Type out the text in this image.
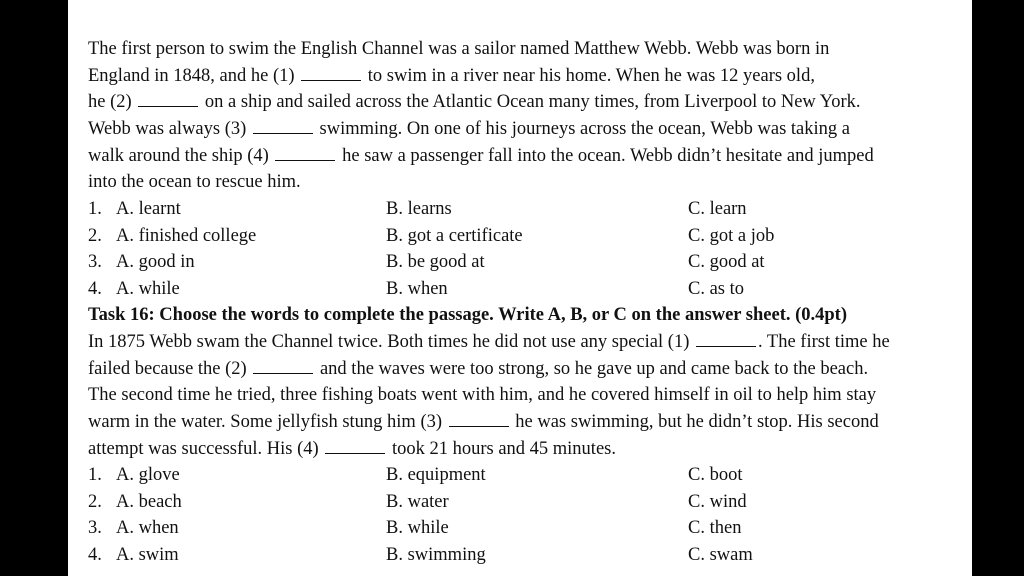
The first person to swim the English Channel was a sailor named Matthew Webb. Webb was born in
England in 1848, and he (1)	to swim in a river near his home. When he was 12 years old,
he (2)	on a ship and sailed across the Atlantic Ocean many times, from Liverpool to New York.
Webb was always (3)	swimming. On one of his journeys across the ocean, Webb was taking a
walk around the ship (4)	he saw a passenger fall into the ocean. Webb didn’t hesitate and jumped
into the ocean to rescue him.
1. A. learnt	B. learns	C. learn
2. A. finished college	B. got a certificate	C. got a job
3. A. good in	B. be good at	C. good at
4. A. while	B. when	C. as to
Task 16: Choose the words to complete the passage. Write A, B, or C on the answer sheet. (0.4pt)
In 1875 Webb swam the Channel twice. Both times he did not use any special (1)	. The first time he
failed because the (2)	and the waves were too strong, so he gave up and came back to the beach.
The second time he tried, three fishing boats went with him, and he covered himself in oil to help him stay
warm in the water. Some jellyfish stung him (3)	he was swimming, but he didn’t stop. His second
attempt was successful. His (4)	took 21 hours and 45 minutes.
1. A. glove	B. equipment	C. boot
2. A. beach	B. water	C. wind
3. A. when	B. while	C. then
4. A. swim	B. swimming	C. swam
